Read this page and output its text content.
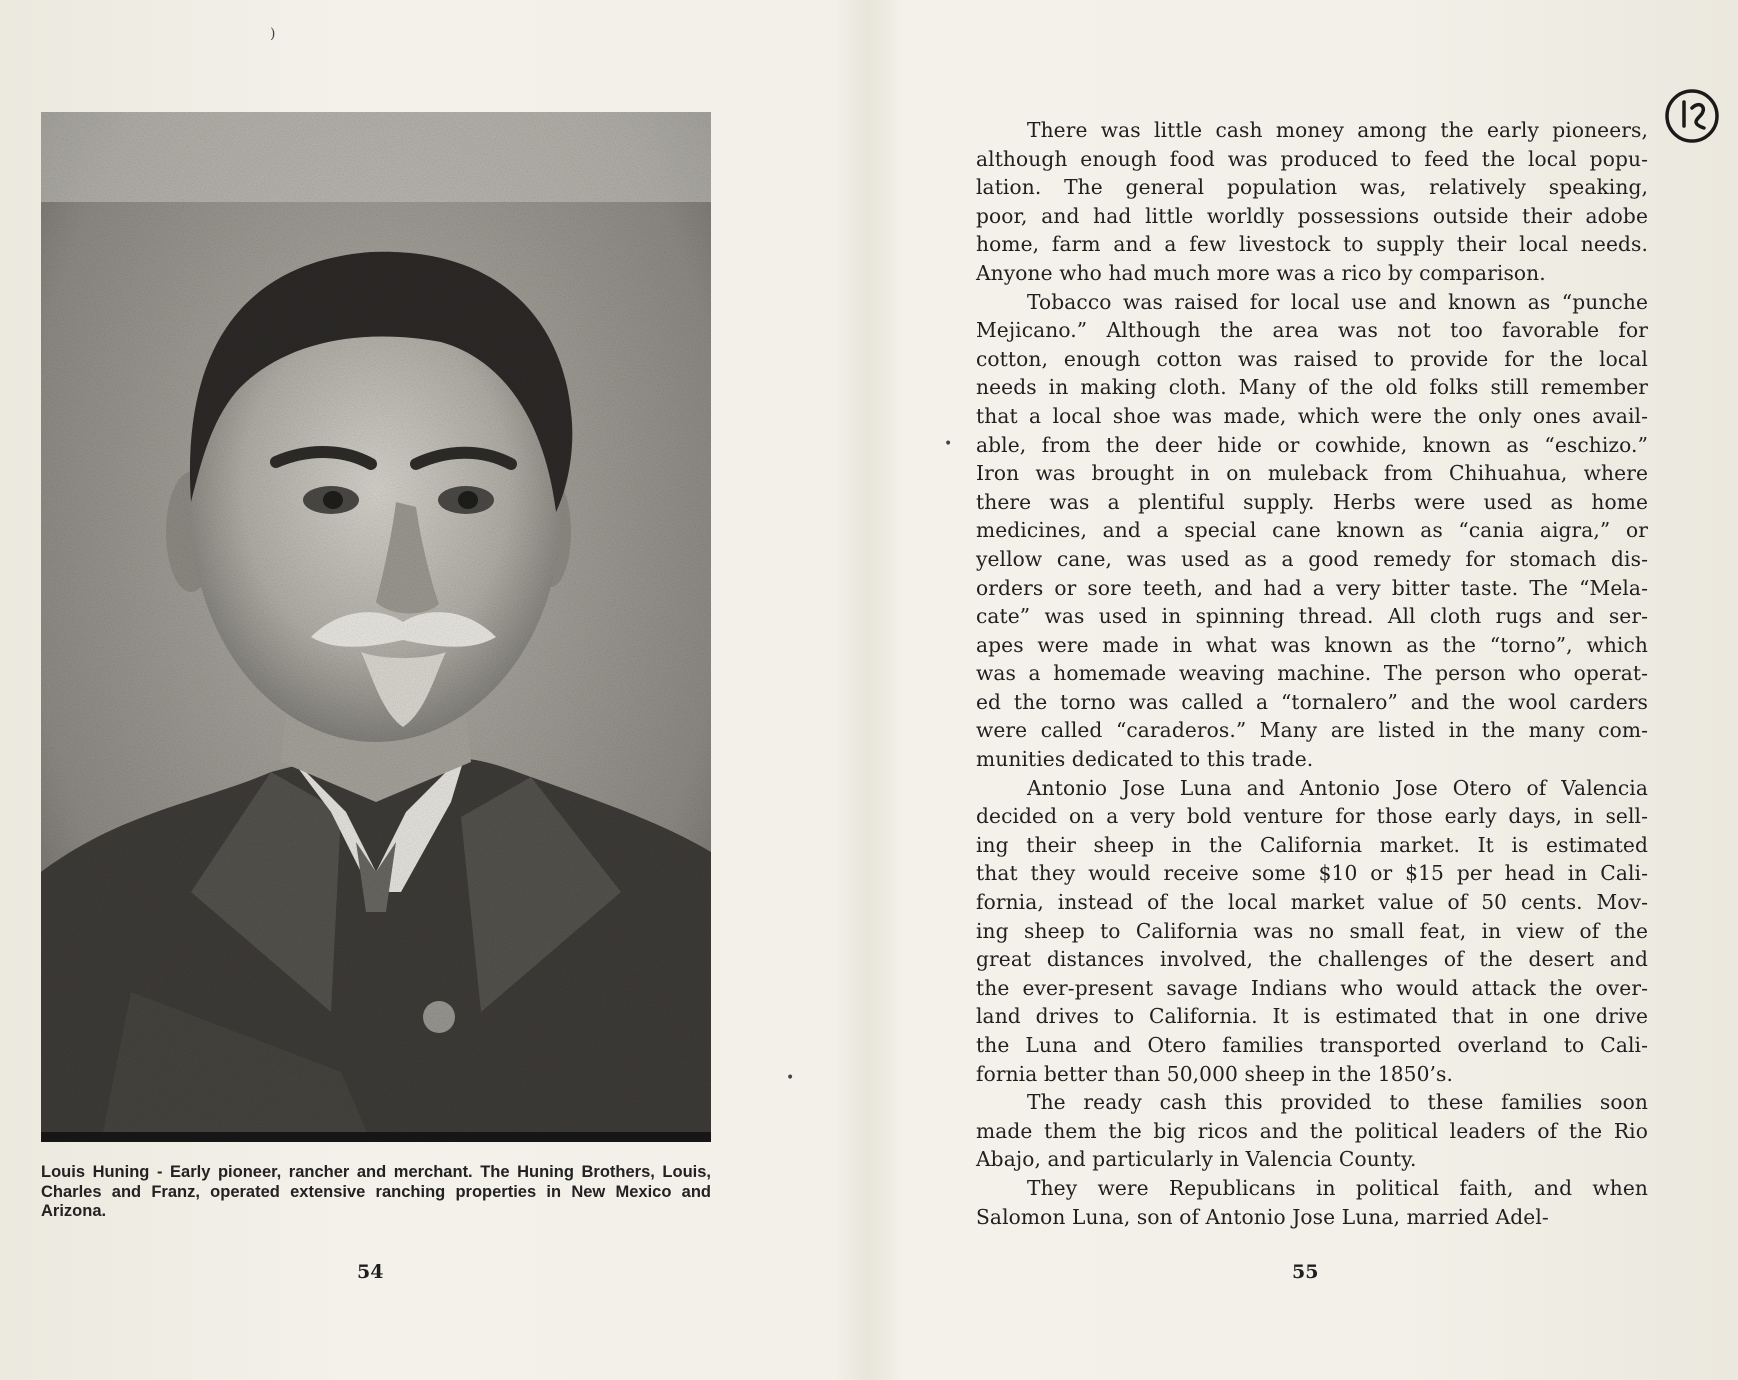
Louis Huning - Early pioneer, rancher and merchant. The Huning Brothers, Louis, Charles and Franz, operated extensive ranching properties in New Mexico and Arizona.
54
There was little cash money among the early pioneers,
although enough food was produced to feed the local popu-
lation. The general population was, relatively speaking,
poor, and had little worldly possessions outside their adobe
home, farm and a few livestock to supply their local needs.
Anyone who had much more was a rico by comparison.
Tobacco was raised for local use and known as “punche
Mejicano.” Although the area was not too favorable for
cotton, enough cotton was raised to provide for the local
needs in making cloth. Many of the old folks still remember
that a local shoe was made, which were the only ones avail-
able, from the deer hide or cowhide, known as “eschizo.”
Iron was brought in on muleback from Chihuahua, where
there was a plentiful supply. Herbs were used as home
medicines, and a special cane known as “cania aigra,” or
yellow cane, was used as a good remedy for stomach dis-
orders or sore teeth, and had a very bitter taste. The “Mela-
cate” was used in spinning thread. All cloth rugs and ser-
apes were made in what was known as the “torno”, which
was a homemade weaving machine. The person who operat-
ed the torno was called a “tornalero” and the wool carders
were called “caraderos.” Many are listed in the many com-
munities dedicated to this trade.
Antonio Jose Luna and Antonio Jose Otero of Valencia
decided on a very bold venture for those early days, in sell-
ing their sheep in the California market. It is estimated
that they would receive some $10 or $15 per head in Cali-
fornia, instead of the local market value of 50 cents. Mov-
ing sheep to California was no small feat, in view of the
great distances involved, the challenges of the desert and
the ever-present savage Indians who would attack the over-
land drives to California. It is estimated that in one drive
the Luna and Otero families transported overland to Cali-
fornia better than 50,000 sheep in the 1850’s.
The ready cash this provided to these families soon
made them the big ricos and the political leaders of the Rio
Abajo, and particularly in Valencia County.
They were Republicans in political faith, and when
Salomon Luna, son of Antonio Jose Luna, married Adel-
55
•
•
)
